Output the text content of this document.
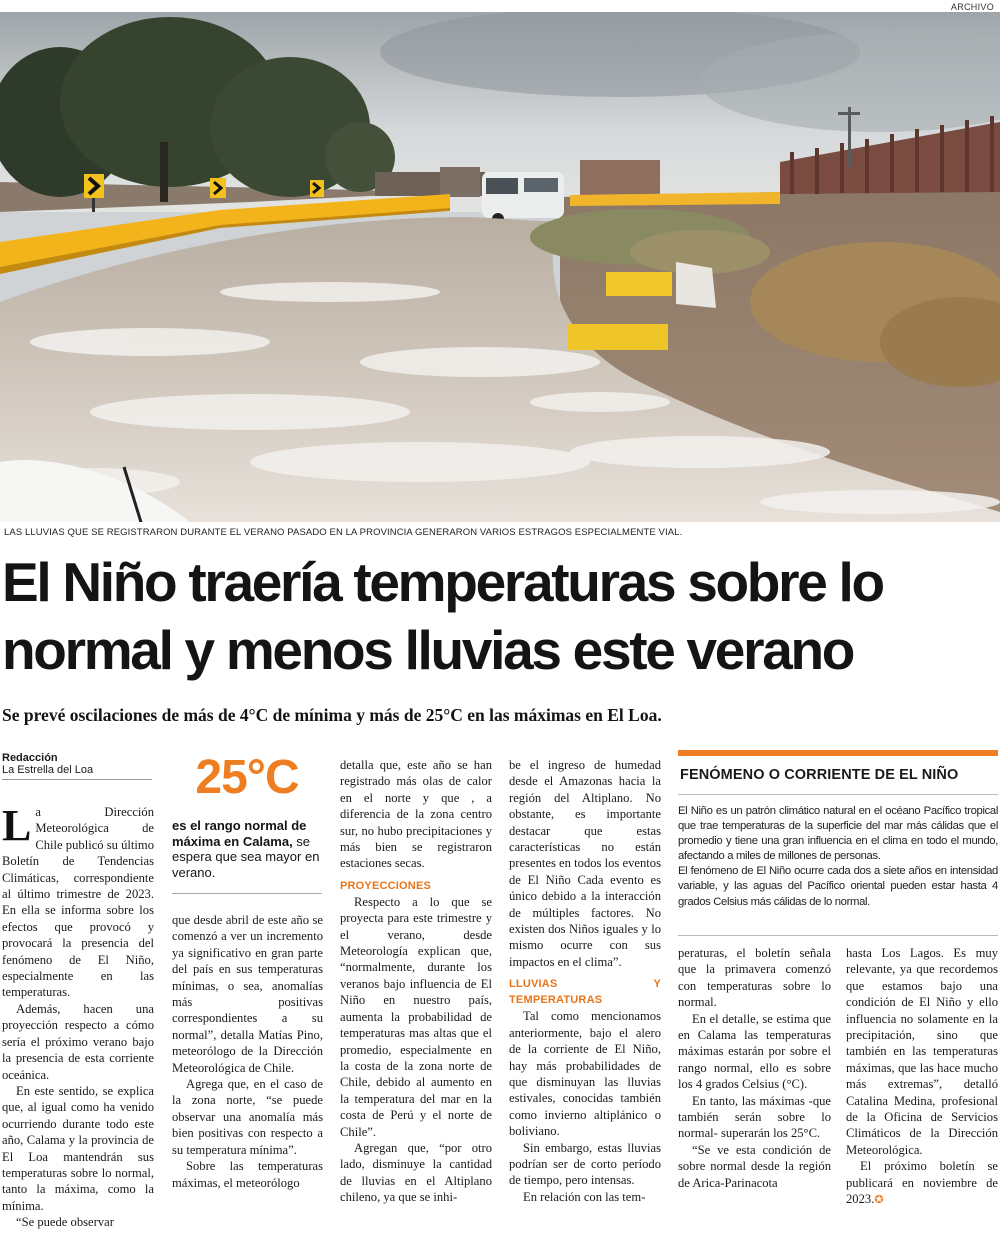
ARCHIVO
LAS LLUVIAS QUE SE REGISTRARON DURANTE EL VERANO PASADO EN LA PROVINCIA GENERARON VARIOS ESTRAGOS ESPECIALMENTE VIAL.
El Niño traería temperaturas sobre lo normal y menos lluvias este verano
Se prevé oscilaciones de más de 4°C de mínima y más de 25°C en las máximas en El Loa.
Redacción
La Estrella del Loa

La Dirección Meteorológica de Chile publicó su último Boletín de Tendencias Climáticas, correspondiente al último trimestre de 2023. En ella se informa sobre los efectos que provocó y provocará la presencia del fenómeno de El Niño, especialmente en las temperaturas.

Además, hacen una proyección respecto a cómo sería el próximo verano bajo la presencia de esta corriente oceánica.

En este sentido, se explica que, al igual como ha venido ocurriendo durante todo este año, Calama y la provincia de El Loa mantendrán sus temperaturas sobre lo normal, tanto la máxima, como la mínima.

“Se puede observar

25°C
es el rango normal de máxima en Calama, se espera que sea mayor en verano.

que desde abril de este año se comenzó a ver un incremento ya significativo en gran parte del país en sus temperaturas mínimas, o sea, anomalías más positivas correspondientes a su normal”, detalla Matías Pino, meteorólogo de la Dirección Meteorológica de Chile.

Agrega que, en el caso de la zona norte, “se puede observar una anomalía más bien positivas con respecto a su temperatura mínima”.

Sobre las temperaturas máximas, el meteorólogo

detalla que, este año se han registrado más olas de calor en el norte y que , a diferencia de la zona centro sur, no hubo precipitaciones y más bien se registraron estaciones secas.

PROYECCIONES

Respecto a lo que se proyecta para este trimestre y el verano, desde Meteorología explican que, “normalmente, durante los veranos bajo influencia de El Niño en nuestro país, aumenta la probabilidad de temperaturas mas altas que el promedio, especialmente en la costa de la zona norte de Chile, debido al aumento en la temperatura del mar en la costa de Perú y el norte de Chile”.

Agregan que, “por otro lado, disminuye la cantidad de lluvias en el Altiplano chileno, ya que se inhi-

be el ingreso de humedad desde el Amazonas hacia la región del Altiplano. No obstante, es importante destacar que estas características no están presentes en todos los eventos de El Niño Cada evento es único debido a la interacción de múltiples factores. No existen dos Niños iguales y lo mismo ocurre con sus impactos en el clima”.

LLUVIAS Y TEMPERATURAS

Tal como mencionamos anteriormente, bajo el alero de la corriente de El Niño, hay más probabilidades de que disminuyan las lluvias estivales, conocidas también como invierno altiplánico o boliviano.

Sin embargo, estas lluvias podrían ser de corto período de tiempo, pero intensas.

En relación con las tem-

FENÓMENO O CORRIENTE DE EL NIÑO

El Niño es un patrón climático natural en el océano Pacífico tropical que trae temperaturas de la superficie del mar más cálidas que el promedio y tiene una gran influencia en el clima en todo el mundo, afectando a miles de millones de personas.

El fenómeno de El Niño ocurre cada dos a siete años en intensidad variable, y las aguas del Pacífico oriental pueden estar hasta 4 grados Celsius más cálidas de lo normal.

peraturas, el boletín señala que la primavera comenzó con temperaturas sobre lo normal.

En el detalle, se estima que en Calama las temperaturas máximas estarán por sobre el rango normal, ello es sobre los 4 grados Celsius (°C).

En tanto, las máximas -que también serán sobre lo normal- superarán los 25°C.

“Se ve esta condición de sobre normal desde la región de Arica-Parinacota

hasta Los Lagos. Es muy relevante, ya que recordemos que estamos bajo una condición de El Niño y ello influencia no solamente en la precipitación, sino que también en las temperaturas máximas, que las hace mucho más extremas”, detalló Catalina Medina, profesional de la Oficina de Servicios Climáticos de la Dirección Meteorológica.

El próximo boletín se publicará en noviembre de 2023.✪
